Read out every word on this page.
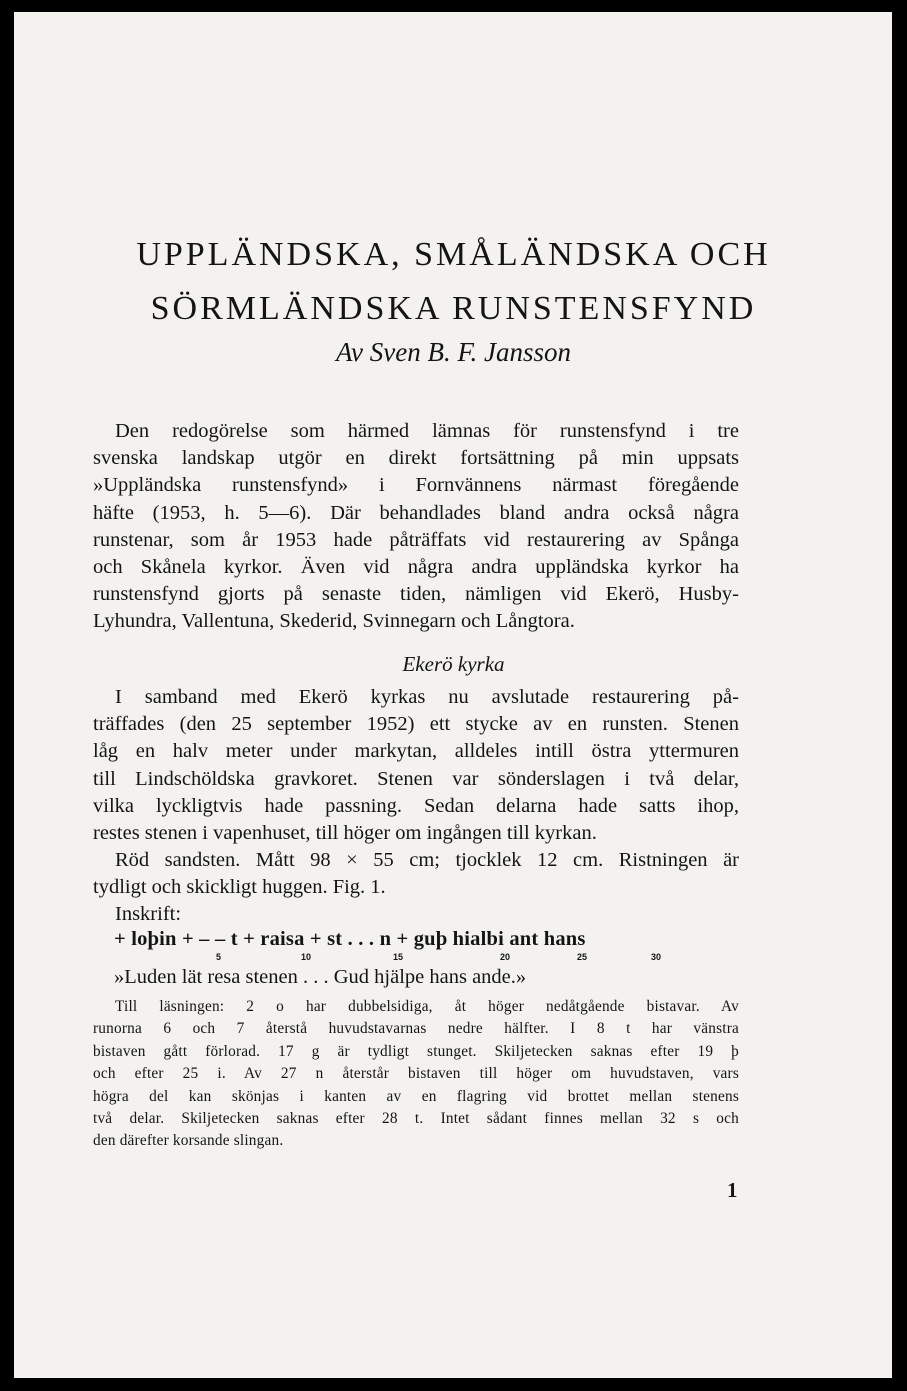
UPPLÄNDSKA, SMÅLÄNDSKA OCH
SÖRMLÄNDSKA RUNSTENSFYND
Av Sven B. F. Jansson
Den redogörelse som härmed lämnas för runstensfynd i tre
svenska landskap utgör en direkt fortsättning på min uppsats
»Uppländska runstensfynd» i Fornvännens närmast föregående
häfte (1953, h. 5—6). Där behandlades bland andra också några
runstenar, som år 1953 hade påträffats vid restaurering av Spånga
och Skånela kyrkor. Även vid några andra uppländska kyrkor ha
runstensfynd gjorts på senaste tiden, nämligen vid Ekerö, Husby-
Lyhundra, Vallentuna, Skederid, Svinnegarn och Långtora.
Ekerö kyrka
I samband med Ekerö kyrkas nu avslutade restaurering på-
träffades (den 25 september 1952) ett stycke av en runsten. Stenen
låg en halv meter under markytan, alldeles intill östra yttermuren
till Lindschöldska gravkoret. Stenen var sönderslagen i två delar,
vilka lyckligtvis hade passning. Sedan delarna hade satts ihop,
restes stenen i vapenhuset, till höger om ingången till kyrkan.
Röd sandsten. Mått 98 × 55 cm; tjocklek 12 cm. Ristningen är
tydligt och skickligt huggen. Fig. 1.
Inskrift:
+ loþin + – – t + raisa + st . . . n + guþ hialbi ant hans
5	10	15	20	25	30
»Luden lät resa stenen . . . Gud hjälpe hans ande.»
Till läsningen: 2 o har dubbelsidiga, åt höger nedåtgående bistavar. Av
runorna 6 och 7 återstå huvudstavarnas nedre hälfter. I 8 t har vänstra
bistaven gått förlorad. 17 g är tydligt stunget. Skiljetecken saknas efter 19 þ
och efter 25 i. Av 27 n återstår bistaven till höger om huvudstaven, vars
högra del kan skönjas i kanten av en flagring vid brottet mellan stenens
två delar. Skiljetecken saknas efter 28 t. Intet sådant finnes mellan 32 s och
den därefter korsande slingan.
1
